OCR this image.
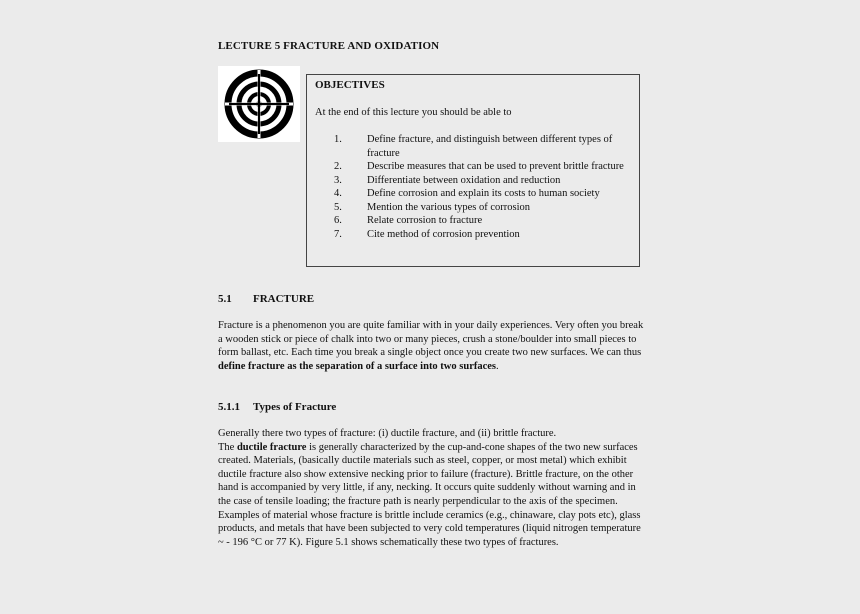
LECTURE 5 FRACTURE AND OXIDATION
OBJECTIVES
At the end of this lecture you should be able to
1.	Define fracture, and distinguish between different types of fracture
2.	Describe measures that can be used to prevent brittle fracture
3.	Differentiate between oxidation and reduction
4.	Define corrosion and explain its costs to human society
5.	Mention the various types of corrosion
6.	Relate corrosion to fracture
7.	Cite method of corrosion prevention
5.1 FRACTURE

Fracture is a phenomenon you are quite familiar with in your daily experiences. Very often you break a wooden stick or piece of chalk into two or many pieces, crush a stone/boulder into small pieces to form ballast, etc. Each time you break a single object once you create two new surfaces. We can thus define fracture as the separation of a surface into two surfaces.

5.1.1 Types of Fracture

Generally there two types of fracture: (i) ductile fracture, and (ii) brittle fracture.
The ductile fracture is generally characterized by the cup-and-cone shapes of the two new surfaces created. Materials, (basically ductile materials such as steel, copper, or most metal) which exhibit ductile fracture also show extensive necking prior to failure (fracture). Brittle fracture, on the other hand is accompanied by very little, if any, necking. It occurs quite suddenly without warning and in the case of tensile loading; the fracture path is nearly perpendicular to the axis of the specimen. Examples of material whose fracture is brittle include ceramics (e.g., chinaware, clay pots etc), glass products, and metals that have been subjected to very cold temperatures (liquid nitrogen temperature ~ - 196 °C or 77 K). Figure 5.1 shows schematically these two types of fractures.
